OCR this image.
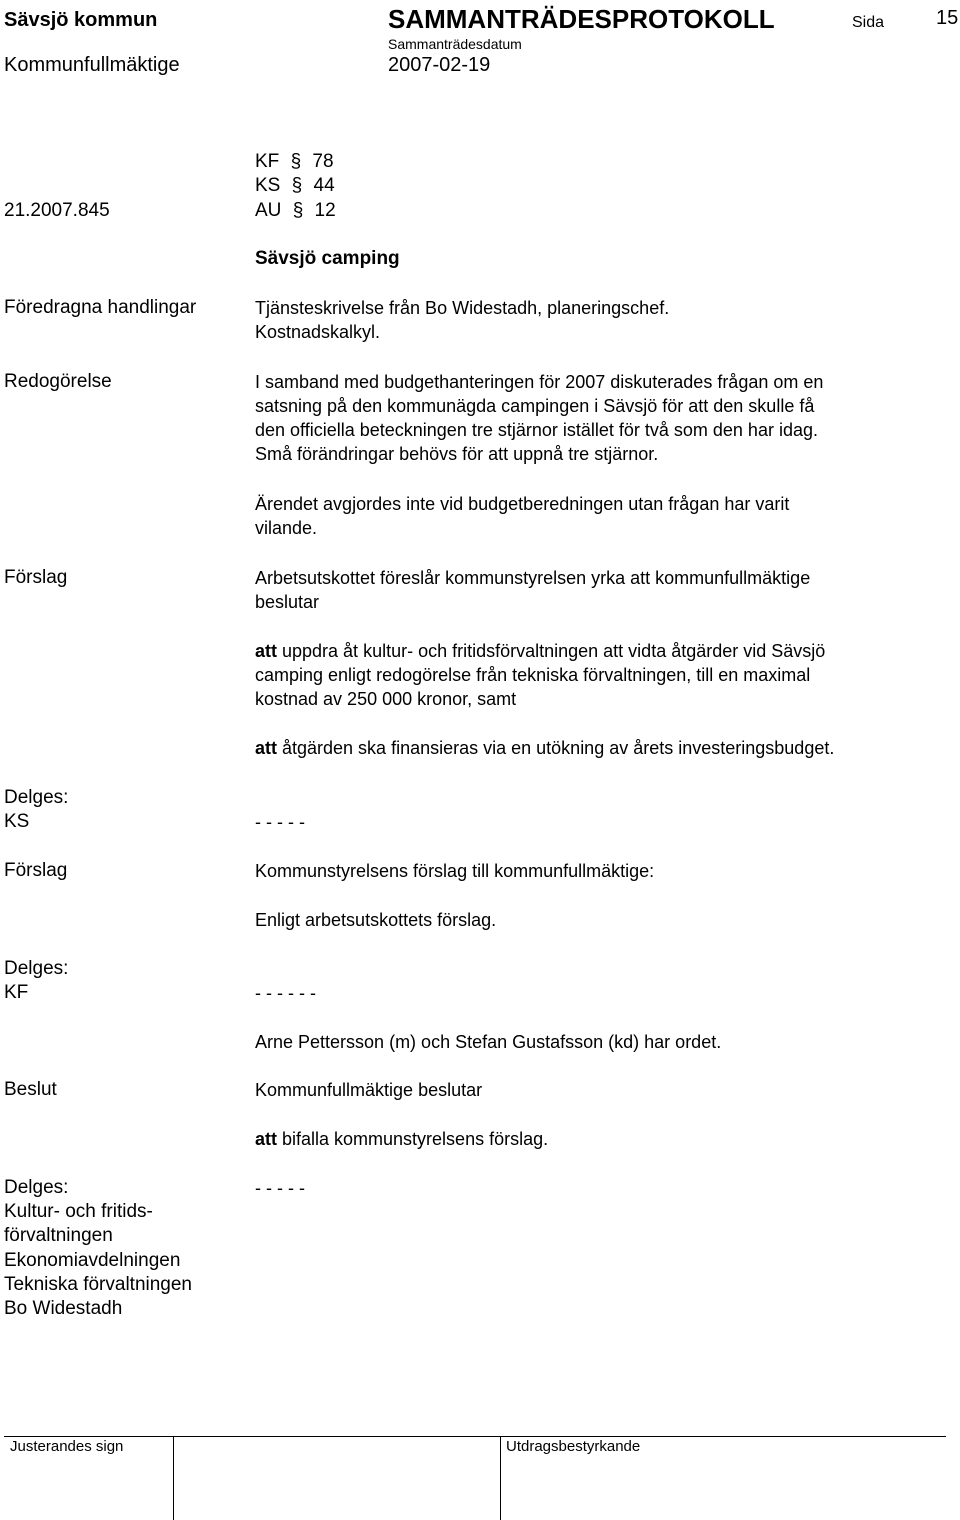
Sävsjö kommun	SAMMANTRÄDESPROTOKOLL	Sida	15
Kommunfullmäktige
Sammanträdesdatum
2007-02-19
KF § 78
KS § 44
21.2007.845	AU § 12
Sävsjö camping
Föredragna handlingar	Tjänsteskrivelse från Bo Widestadh, planeringschef.
Kostnadskalkyl.
Redogörelse	I samband med budgethanteringen för 2007 diskuterades frågan om en
satsning på den kommunägda campingen i Sävsjö för att den skulle få
den officiella beteckningen tre stjärnor istället för två som den har idag.
Små förändringar behövs för att uppnå tre stjärnor.
Ärendet avgjordes inte vid budgetberedningen utan frågan har varit
vilande.
Förslag	Arbetsutskottet föreslår kommunstyrelsen yrka att kommunfullmäktige
beslutar
att uppdra åt kultur- och fritidsförvaltningen att vidta åtgärder vid Sävsjö
camping enligt redogörelse från tekniska förvaltningen, till en maximal
kostnad av 250 000 kronor, samt
att åtgärden ska finansieras via en utökning av årets investeringsbudget.
Delges:
KS	- - - - -
Förslag	Kommunstyrelsens förslag till kommunfullmäktige:
Enligt arbetsutskottets förslag.
Delges:
KF	- - - - - -
Arne Pettersson (m) och Stefan Gustafsson (kd) har ordet.
Beslut	Kommunfullmäktige beslutar
att bifalla kommunstyrelsens förslag.
Delges:	- - - - -
Kultur- och fritids-
förvaltningen
Ekonomiavdelningen
Tekniska förvaltningen
Bo Widestadh
Justerandes sign	Utdragsbestyrkande
